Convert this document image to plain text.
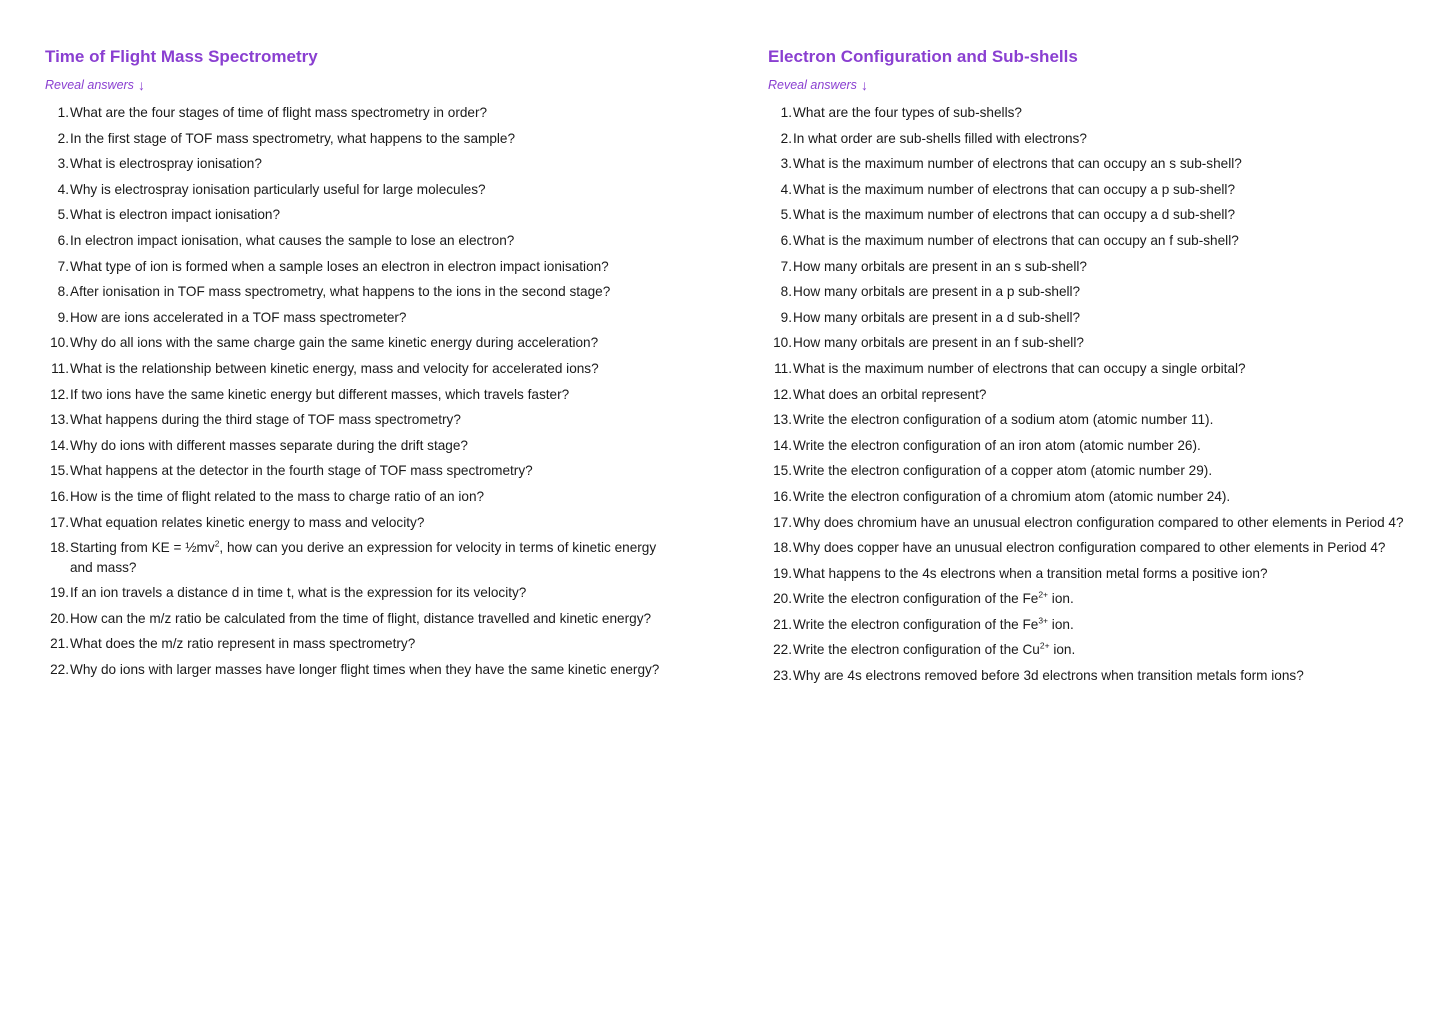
Time of Flight Mass Spectrometry
Reveal answers ↓
1. What are the four stages of time of flight mass spectrometry in order?
2. In the first stage of TOF mass spectrometry, what happens to the sample?
3. What is electrospray ionisation?
4. Why is electrospray ionisation particularly useful for large molecules?
5. What is electron impact ionisation?
6. In electron impact ionisation, what causes the sample to lose an electron?
7. What type of ion is formed when a sample loses an electron in electron impact ionisation?
8. After ionisation in TOF mass spectrometry, what happens to the ions in the second stage?
9. How are ions accelerated in a TOF mass spectrometer?
10. Why do all ions with the same charge gain the same kinetic energy during acceleration?
11. What is the relationship between kinetic energy, mass and velocity for accelerated ions?
12. If two ions have the same kinetic energy but different masses, which travels faster?
13. What happens during the third stage of TOF mass spectrometry?
14. Why do ions with different masses separate during the drift stage?
15. What happens at the detector in the fourth stage of TOF mass spectrometry?
16. How is the time of flight related to the mass to charge ratio of an ion?
17. What equation relates kinetic energy to mass and velocity?
18. Starting from KE = $\frac{1}{2}mv^2$, how can you derive an expression for velocity in terms of kinetic energy and mass?
19. If an ion travels a distance d in time t, what is the expression for its velocity?
20. How can the m/z ratio be calculated from the time of flight, distance travelled and kinetic energy?
21. What does the m/z ratio represent in mass spectrometry?
22. Why do ions with larger masses have longer flight times when they have the same kinetic energy?
Electron Configuration and Sub-shells
Reveal answers ↓
1. What are the four types of sub-shells?
2. In what order are sub-shells filled with electrons?
3. What is the maximum number of electrons that can occupy an s sub-shell?
4. What is the maximum number of electrons that can occupy a p sub-shell?
5. What is the maximum number of electrons that can occupy a d sub-shell?
6. What is the maximum number of electrons that can occupy an f sub-shell?
7. How many orbitals are present in an s sub-shell?
8. How many orbitals are present in a p sub-shell?
9. How many orbitals are present in a d sub-shell?
10. How many orbitals are present in an f sub-shell?
11. What is the maximum number of electrons that can occupy a single orbital?
12. What does an orbital represent?
13. Write the electron configuration of a sodium atom (atomic number 11).
14. Write the electron configuration of an iron atom (atomic number 26).
15. Write the electron configuration of a copper atom (atomic number 29).
16. Write the electron configuration of a chromium atom (atomic number 24).
17. Why does chromium have an unusual electron configuration compared to other elements in Period 4?
18. Why does copper have an unusual electron configuration compared to other elements in Period 4?
19. What happens to the 4s electrons when a transition metal forms a positive ion?
20. Write the electron configuration of the $Fe^{2+}$ ion.
21. Write the electron configuration of the $Fe^{3+}$ ion.
22. Write the electron configuration of the $Cu^{2+}$ ion.
23. Why are 4s electrons removed before 3d electrons when transition metals form ions?
